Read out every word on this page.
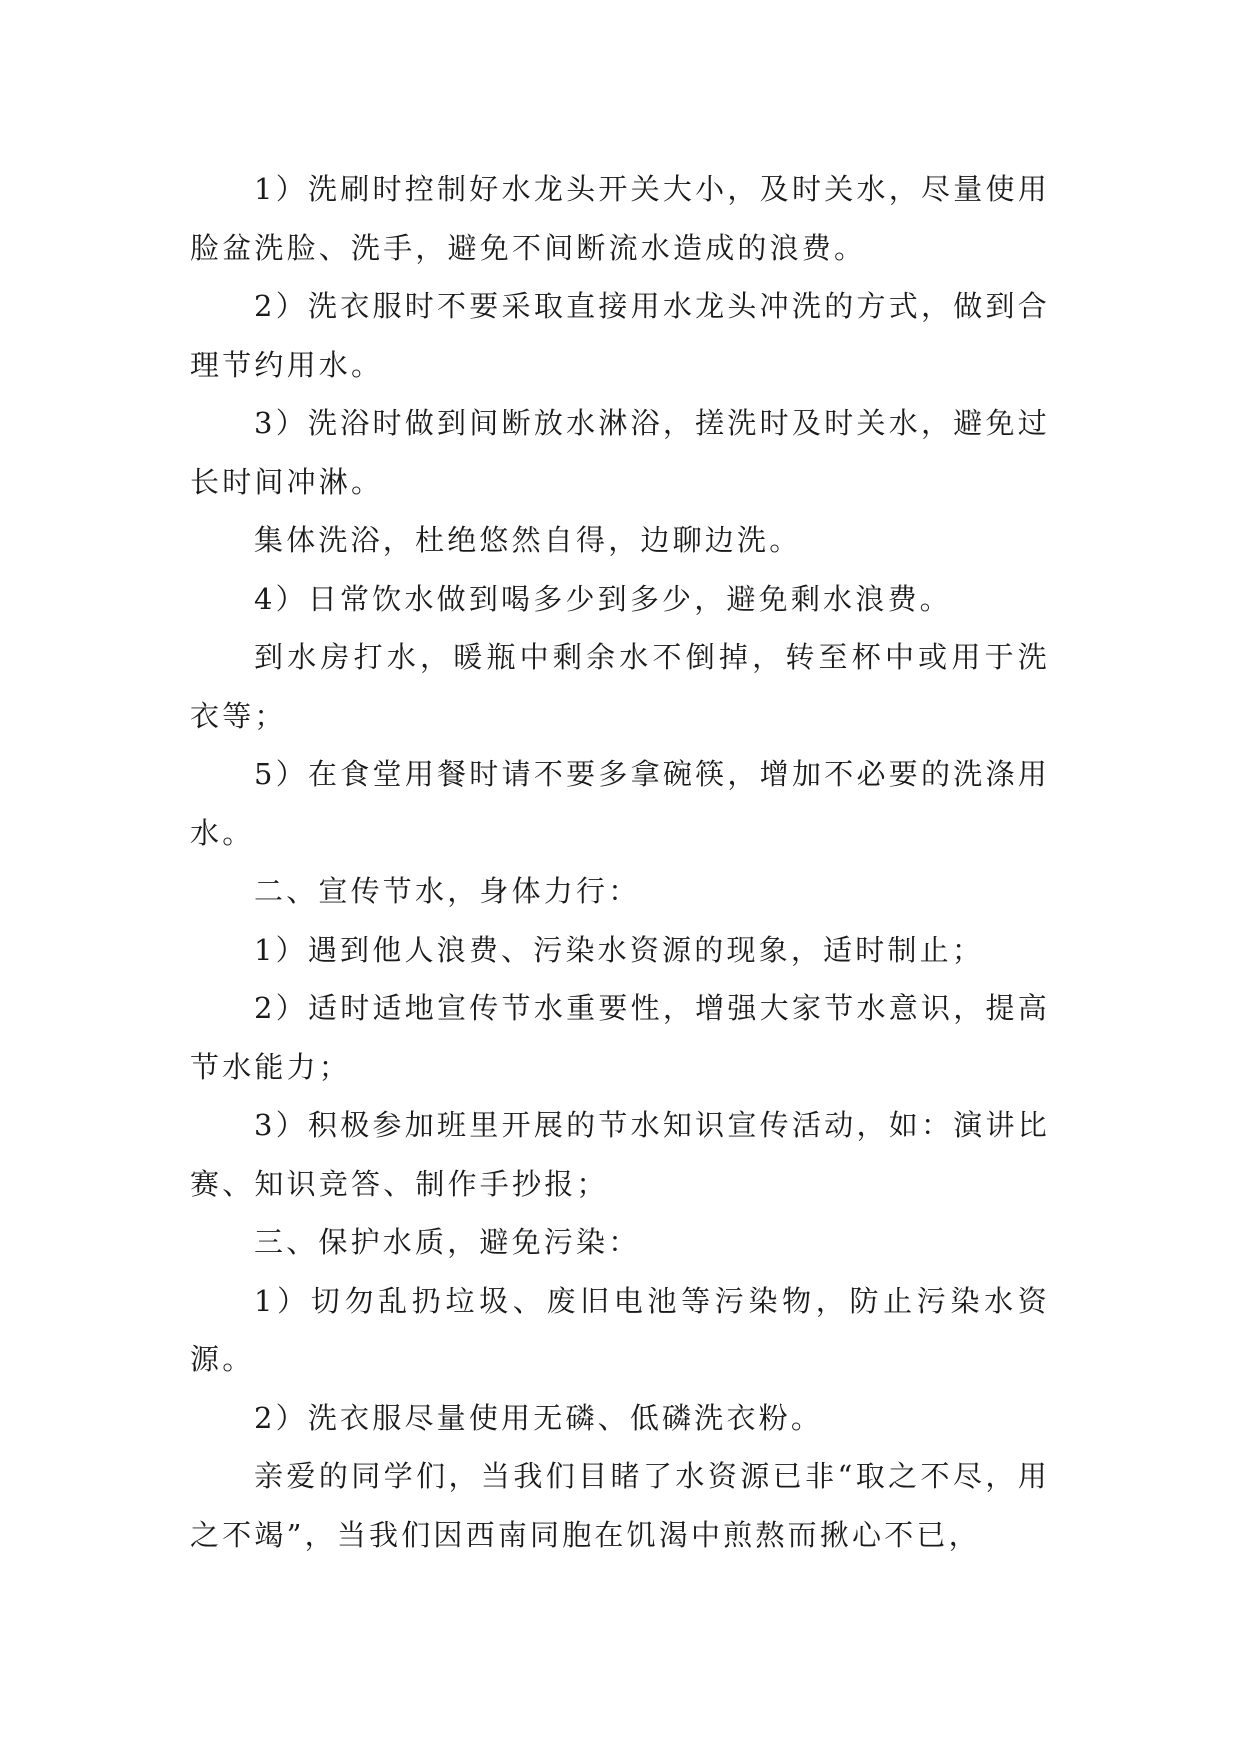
1）洗刷时控制好水龙头开关大小，及时关水，尽量使用脸盆洗脸、洗手，避免不间断流水造成的浪费。

2）洗衣服时不要采取直接用水龙头冲洗的方式，做到合理节约用水。

3）洗浴时做到间断放水淋浴，搓洗时及时关水，避免过长时间冲淋。

集体洗浴，杜绝悠然自得，边聊边洗。

4）日常饮水做到喝多少到多少，避免剩水浪费。

到水房打水，暖瓶中剩余水不倒掉，转至杯中或用于洗衣等；

5）在食堂用餐时请不要多拿碗筷，增加不必要的洗涤用水。

二、宣传节水，身体力行：

1）遇到他人浪费、污染水资源的现象，适时制止；

2）适时适地宣传节水重要性，增强大家节水意识，提高节水能力；

3）积极参加班里开展的节水知识宣传活动，如：演讲比赛、知识竞答、制作手抄报；

三、保护水质，避免污染：

1）切勿乱扔垃圾、废旧电池等污染物，防止污染水资源。

2）洗衣服尽量使用无磷、低磷洗衣粉。

亲爱的同学们，当我们目睹了水资源已非“取之不尽，用之不竭”，当我们因西南同胞在饥渴中煎熬而揪心不已，
